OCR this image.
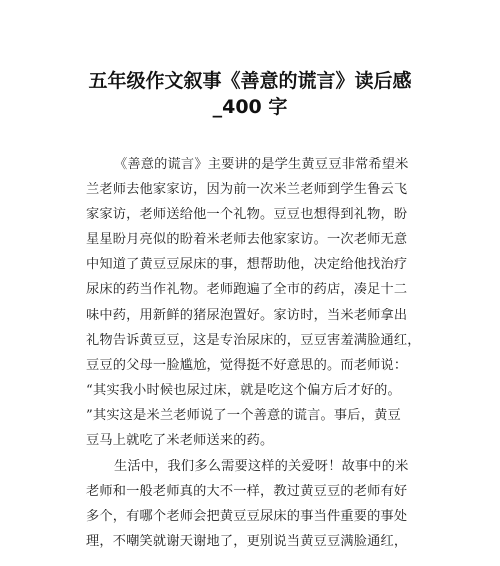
五年级作文叙事《善意的谎言》读后感
_400 字
《善意的谎言》主要讲的是学生黄豆豆非常希望米
兰老师去他家家访，因为前一次米兰老师到学生鲁云飞
家家访，老师送给他一个礼物。豆豆也想得到礼物，盼
星星盼月亮似的盼着米老师去他家家访。一次老师无意
中知道了黄豆豆尿床的事，想帮助他，决定给他找治疗
尿床的药当作礼物。老师跑遍了全市的药店，凑足十二
味中药，用新鲜的猪尿泡置好。家访时，当米老师拿出
礼物告诉黄豆豆，这是专治尿床的，豆豆害羞满脸通红，
豆豆的父母一脸尴尬，觉得挺不好意思的。而老师说：
“其实我小时候也尿过床，就是吃这个偏方后才好的。
”其实这是米兰老师说了一个善意的谎言。事后，黄豆
豆马上就吃了米老师送来的药。
生活中，我们多么需要这样的关爱呀！故事中的米
老师和一般老师真的大不一样，教过黄豆豆的老师有好
多个，有哪个老师会把黄豆豆尿床的事当件重要的事处
理，不嘲笑就谢天谢地了，更别说当黄豆豆满脸通红，
